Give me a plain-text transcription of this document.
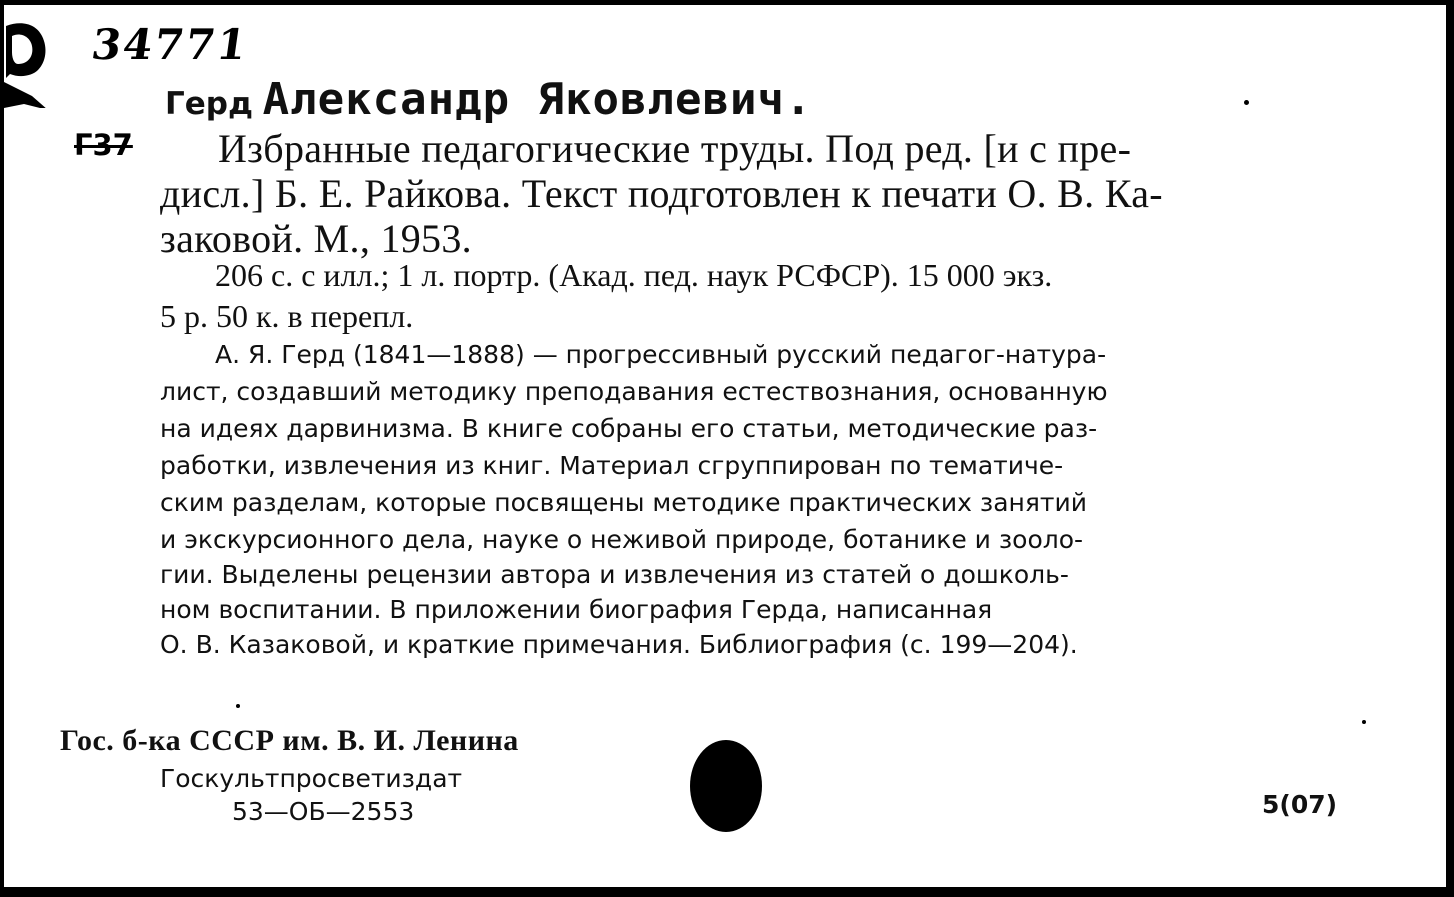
34771
Герд Александр Яковлевич.
Г37 Избранные педагогические труды. Под ред. [и с пре-
дисл.] Б. Е. Райкова. Текст подготовлен к печати О. В. Ка-
заковой. М., 1953.
206 с. с илл.; 1 л. портр. (Акад. пед. наук РСФСР). 15 000 экз.
5 р. 50 к. в перепл.
А. Я. Герд (1841—1888) — прогрессивный русский педагог-натура-
лист, создавший методику преподавания естествознания, основанную
на идеях дарвинизма. В книге собраны его статьи, методические раз-
работки, извлечения из книг. Материал сгруппирован по тематиче-
ским разделам, которые посвящены методике практических занятий
и экскурсионного дела, науке о неживой природе, ботанике и зооло-
гии. Выделены рецензии автора и извлечения из статей о дошколь-
ном воспитании. В приложении биография Герда, написанная
О. В. Казаковой, и краткие примечания. Библиография (с. 199—204).
Гос. б-ка СССР им. В. И. Ленина
Госкультпросветиздат
53—ОБ—2553	5(07)
